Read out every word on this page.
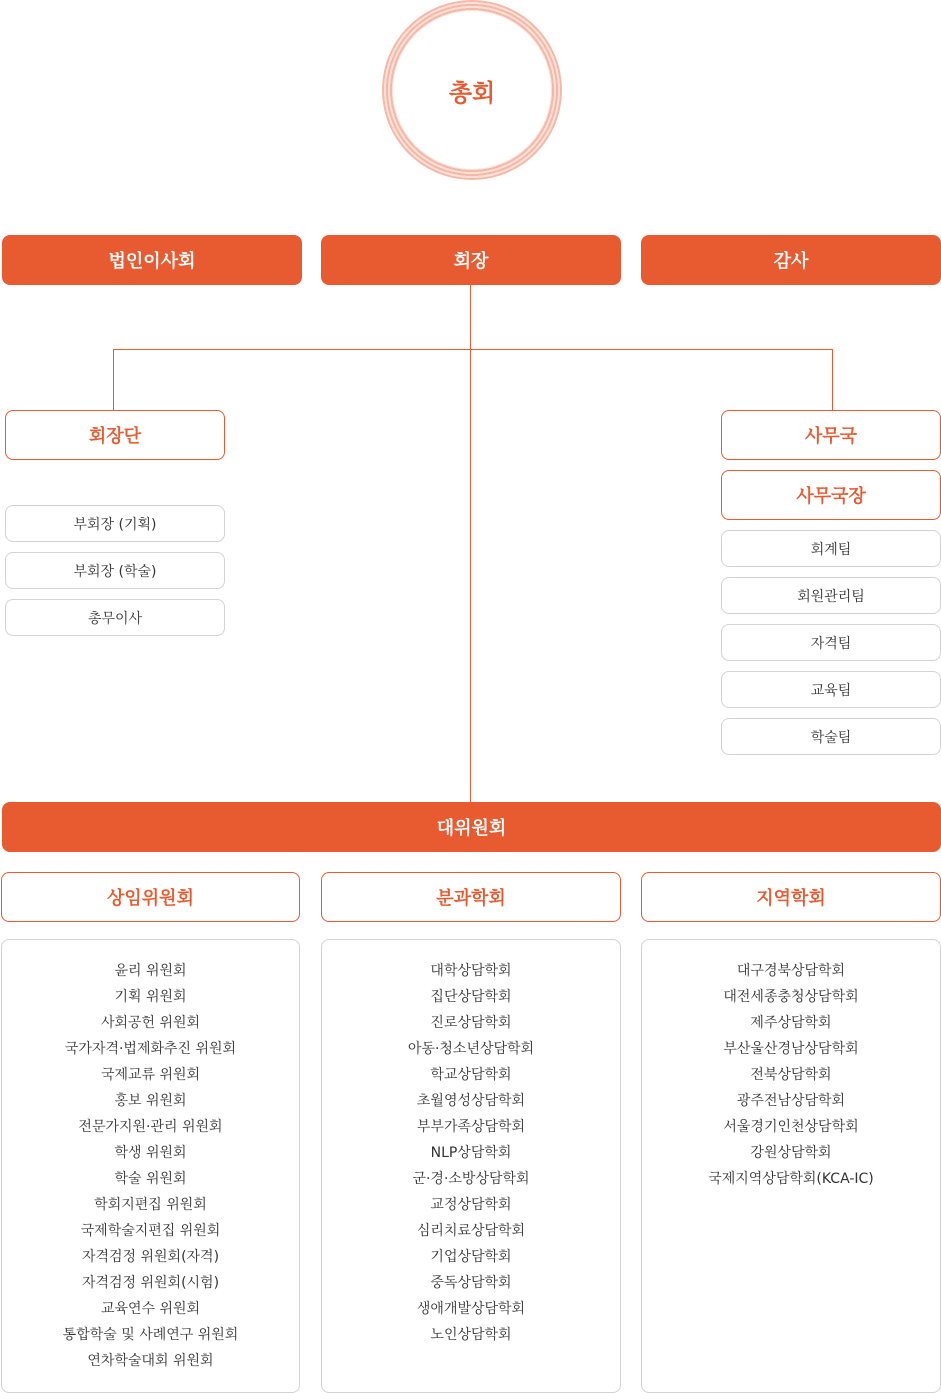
총회
법인이사회	회장	감사
회장단
부회장 (기획)
부회장 (학술)
총무이사
사무국
사무국장
회계팀
회원관리팀
자격팀
교육팀
학술팀
대위원회
상임위원회	분과학회	지역학회
윤리 위원회
기획 위원회
사회공헌 위원회
국가자격·법제화추진 위원회
국제교류 위원회
홍보 위원회
전문가지원·관리 위원회
학생 위원회
학술 위원회
학회지편집 위원회
국제학술지편집 위원회
자격검정 위원회(자격)
자격검정 위원회(시험)
교육연수 위원회
통합학술 및 사례연구 위원회
연차학술대회 위원회
대학상담학회
집단상담학회
진로상담학회
아동·청소년상담학회
학교상담학회
초월영성상담학회
부부가족상담학회
NLP상담학회
군·경·소방상담학회
교정상담학회
심리치료상담학회
기업상담학회
중독상담학회
생애개발상담학회
노인상담학회
대구경북상담학회
대전세종충청상담학회
제주상담학회
부산울산경남상담학회
전북상담학회
광주전남상담학회
서울경기인천상담학회
강원상담학회
국제지역상담학회(KCA-IC)
